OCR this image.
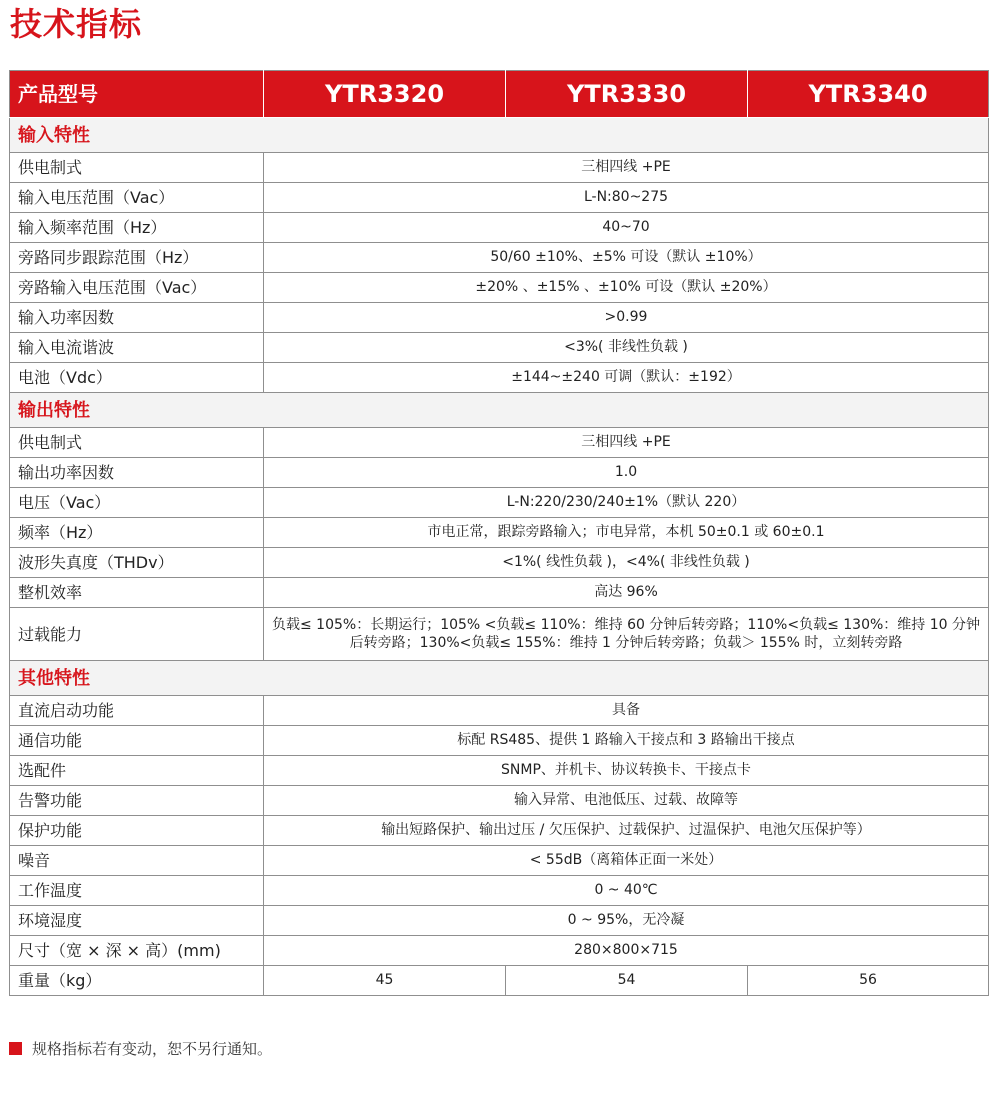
技术指标
产品型号	YTR3320	YTR3330	YTR3340
输入特性			
供电制式	三相四线 +PE		
输入电压范围（Vac）	L-N:80~275		
输入频率范围（Hz）	40~70		
旁路同步跟踪范围（Hz）	50/60 ±10%、±5% 可设（默认 ±10%）		
旁路输入电压范围（Vac）	±20% 、±15% 、±10% 可设（默认 ±20%）		
输入功率因数	>0.99		
输入电流谐波	<3%( 非线性负载 )		
电池（Vdc）	±144~±240 可调（默认：±192）		
输出特性			
供电制式	三相四线 +PE		
输出功率因数	1.0		
电压（Vac）	L-N:220/230/240±1%（默认 220）		
频率（Hz）	市电正常，跟踪旁路输入；市电异常，本机 50±0.1 或 60±0.1		
波形失真度（THDv）	<1%( 线性负载 )，<4%( 非线性负载 )		
整机效率	高达 96%		
过载能力	负载≤ 105%：长期运行；105% <负载≤ 110%：维持 60 分钟后转旁路；110%<负载≤ 130%：维持 10 分钟后转旁路；130%<负载≤ 155%：维持 1 分钟后转旁路；负载＞ 155% 时，立刻转旁路		
其他特性			
直流启动功能	具备		
通信功能	标配 RS485、提供 1 路输入干接点和 3 路输出干接点		
选配件	SNMP、并机卡、协议转换卡、干接点卡		
告警功能	输入异常、电池低压、过载、故障等		
保护功能	输出短路保护、输出过压 / 欠压保护、过载保护、过温保护、电池欠压保护等）		
噪音	< 55dB（离箱体正面一米处）		
工作温度	0 ~ 40℃		
环境湿度	0 ~ 95%，无冷凝		
尺寸（宽 × 深 × 高）(mm)	280×800×715		
重量（kg）	45	54	56
规格指标若有变动，恕不另行通知。
